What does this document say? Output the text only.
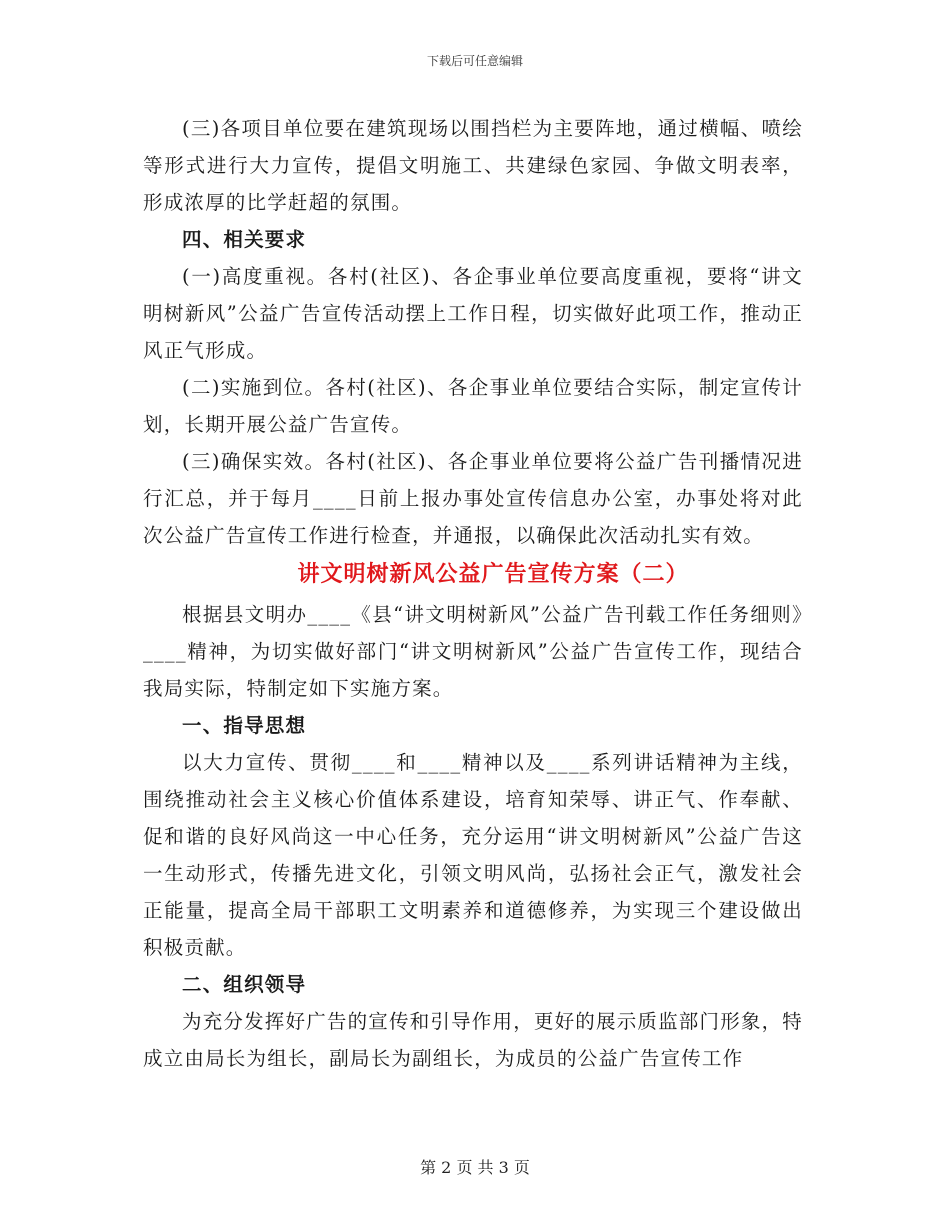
下载后可任意编辑

(三)各项目单位要在建筑现场以围挡栏为主要阵地，通过横幅、喷绘等形式进行大力宣传，提倡文明施工、共建绿色家园、争做文明表率，形成浓厚的比学赶超的氛围。

四、相关要求

(一)高度重视。各村(社区)、各企事业单位要高度重视，要将“讲文明树新风”公益广告宣传活动摆上工作日程，切实做好此项工作，推动正风正气形成。

(二)实施到位。各村(社区)、各企事业单位要结合实际，制定宣传计划，长期开展公益广告宣传。

(三)确保实效。各村(社区)、各企事业单位要将公益广告刊播情况进行汇总，并于每月____日前上报办事处宣传信息办公室，办事处将对此次公益广告宣传工作进行检查，并通报，以确保此次活动扎实有效。

讲文明树新风公益广告宣传方案（二）

根据县文明办____《县“讲文明树新风”公益广告刊载工作任务细则》____精神，为切实做好部门“讲文明树新风”公益广告宣传工作，现结合我局实际，特制定如下实施方案。

一、指导思想

以大力宣传、贯彻____和____精神以及____系列讲话精神为主线，围绕推动社会主义核心价值体系建设，培育知荣辱、讲正气、作奉献、促和谐的良好风尚这一中心任务，充分运用“讲文明树新风”公益广告这一生动形式，传播先进文化，引领文明风尚，弘扬社会正气，激发社会正能量，提高全局干部职工文明素养和道德修养，为实现三个建设做出积极贡献。

二、组织领导

为充分发挥好广告的宣传和引导作用，更好的展示质监部门形象，特成立由局长为组长，副局长为副组长，为成员的公益广告宣传工作

第 2 页 共 3 页
